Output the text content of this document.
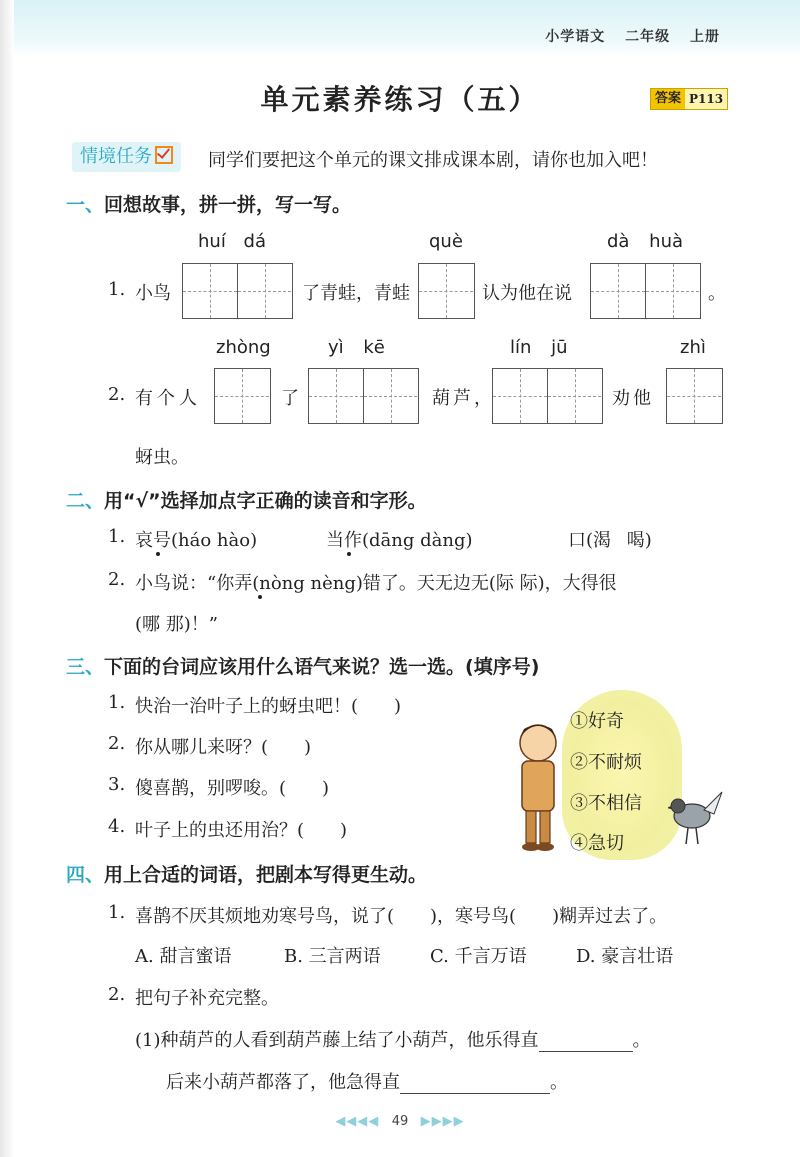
小学语文 二年级 上册
单元素养练习（五）	答案 P113
情境任务	同学们要把这个单元的课文排成课本剧，请你也加入吧！
一、回想故事，拼一拼，写一写。
huí dá	què	dà huà
1. 小鸟	了青蛙，青蛙	认为他在说	。
zhòng	yì kē	lín jū	zhì
2. 有个人	了	葫芦，	劝他
蚜虫。
二、用“√”选择加点字正确的读音和字形。
1. 哀号(háo hào)	当作(dāng dàng)	口(渴 喝)
2. 小鸟说：“你弄(nòng nèng)错了。天无边无(际 际)，大得很
(哪 那)！”
三、下面的台词应该用什么语气来说？选一选。(填序号)
1. 快治一治叶子上的蚜虫吧！(　　)
2. 你从哪儿来呀？(　　)
3. 傻喜鹊，别啰唆。(　　)
4. 叶子上的虫还用治？(　　)
①好奇
②不耐烦
③不相信
④急切
四、用上合适的词语，把剧本写得更生动。
1. 喜鹊不厌其烦地劝寒号鸟，说了(　　)，寒号鸟(　　)糊弄过去了。
A. 甜言蜜语	B. 三言两语	C. 千言万语	D. 豪言壮语
2. 把句子补充完整。
(1)种葫芦的人看到葫芦藤上结了小葫芦，他乐得直	。
后来小葫芦都落了，他急得直	。
◀◀◀◀ 49 ▶▶▶▶
